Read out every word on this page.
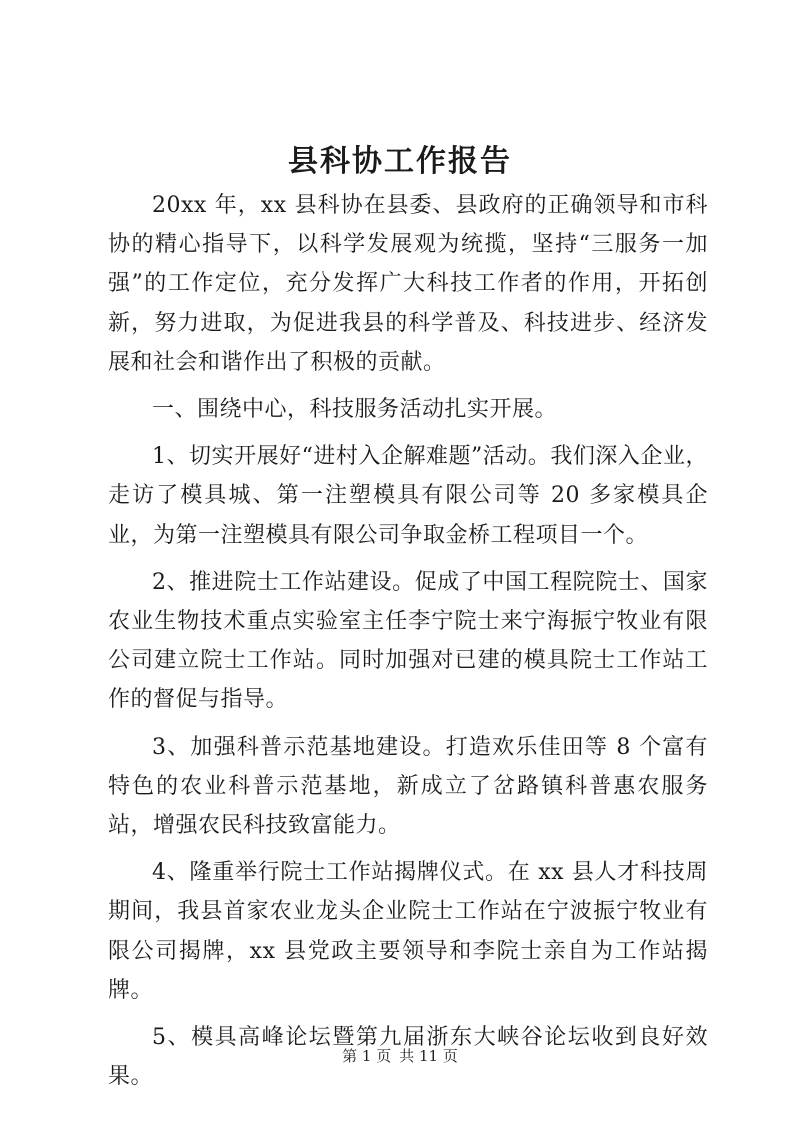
县科协工作报告

20xx 年，xx 县科协在县委、县政府的正确领导和市科协的精心指导下，以科学发展观为统揽，坚持“三服务一加强”的工作定位，充分发挥广大科技工作者的作用，开拓创新，努力进取，为促进我县的科学普及、科技进步、经济发展和社会和谐作出了积极的贡献。

一、围绕中心，科技服务活动扎实开展。

1、切实开展好“进村入企解难题”活动。我们深入企业，走访了模具城、第一注塑模具有限公司等 20 多家模具企业，为第一注塑模具有限公司争取金桥工程项目一个。

2、推进院士工作站建设。促成了中国工程院院士、国家农业生物技术重点实验室主任李宁院士来宁海振宁牧业有限公司建立院士工作站。同时加强对已建的模具院士工作站工作的督促与指导。

3、加强科普示范基地建设。打造欢乐佳田等 8 个富有特色的农业科普示范基地，新成立了岔路镇科普惠农服务站，增强农民科技致富能力。

4、隆重举行院士工作站揭牌仪式。在 xx 县人才科技周期间，我县首家农业龙头企业院士工作站在宁波振宁牧业有限公司揭牌，xx 县党政主要领导和李院士亲自为工作站揭牌。

5、模具高峰论坛暨第九届浙东大峡谷论坛收到良好效果。

第 1 页 共 11 页
